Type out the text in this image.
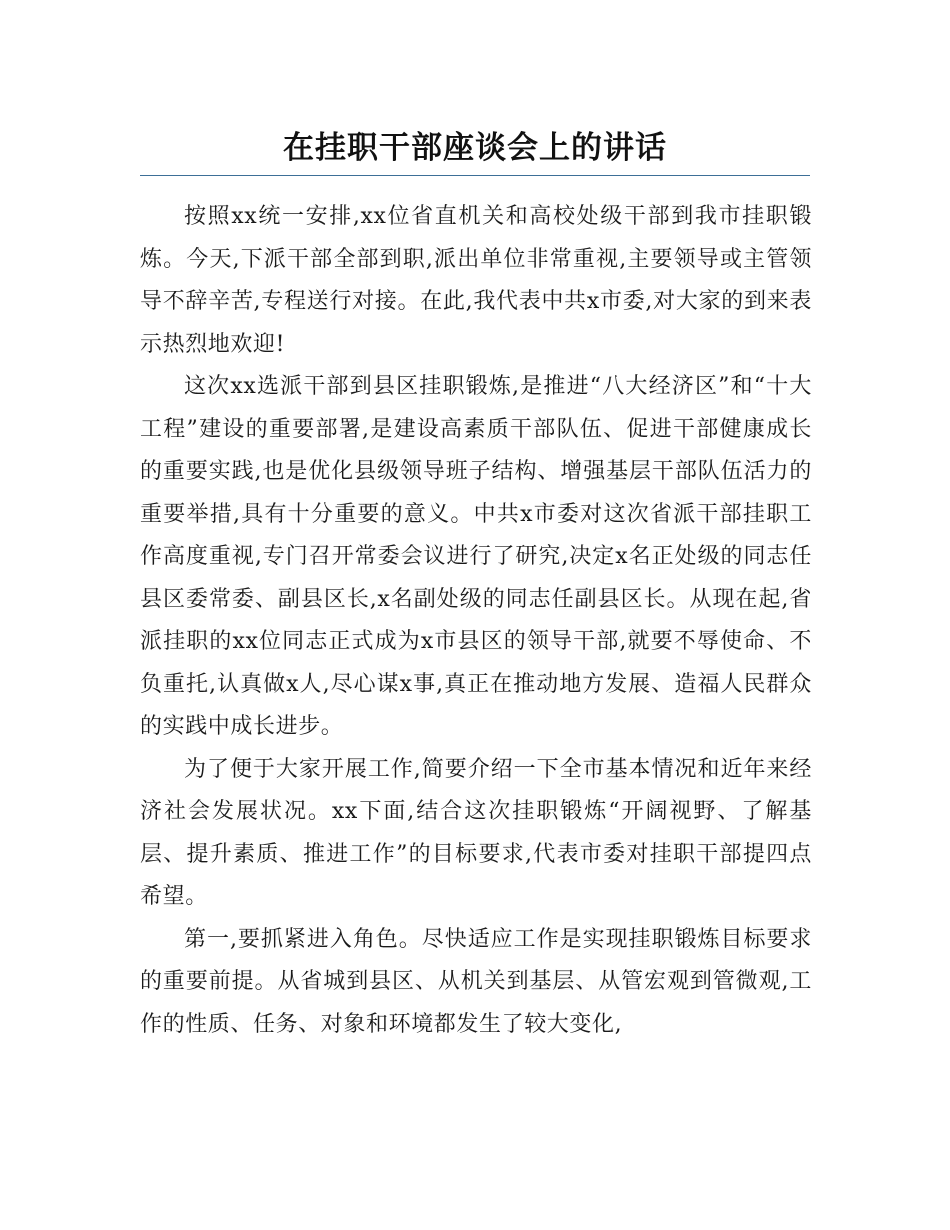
在挂职干部座谈会上的讲话

按照xx统一安排,xx位省直机关和高校处级干部到我市挂职锻炼。今天,下派干部全部到职,派出单位非常重视,主要领导或主管领导不辞辛苦,专程送行对接。在此,我代表中共x市委,对大家的到来表示热烈地欢迎!

这次xx选派干部到县区挂职锻炼,是推进“八大经济区”和“十大工程”建设的重要部署,是建设高素质干部队伍、促进干部健康成长的重要实践,也是优化县级领导班子结构、增强基层干部队伍活力的重要举措,具有十分重要的意义。中共x市委对这次省派干部挂职工作高度重视,专门召开常委会议进行了研究,决定x名正处级的同志任县区委常委、副县区长,x名副处级的同志任副县区长。从现在起,省派挂职的xx位同志正式成为x市县区的领导干部,就要不辱使命、不负重托,认真做x人,尽心谋x事,真正在推动地方发展、造福人民群众的实践中成长进步。

为了便于大家开展工作,简要介绍一下全市基本情况和近年来经济社会发展状况。xx下面,结合这次挂职锻炼“开阔视野、了解基层、提升素质、推进工作”的目标要求,代表市委对挂职干部提四点希望。

第一,要抓紧进入角色。尽快适应工作是实现挂职锻炼目标要求的重要前提。从省城到县区、从机关到基层、从管宏观到管微观,工作的性质、任务、对象和环境都发生了较大变化,
